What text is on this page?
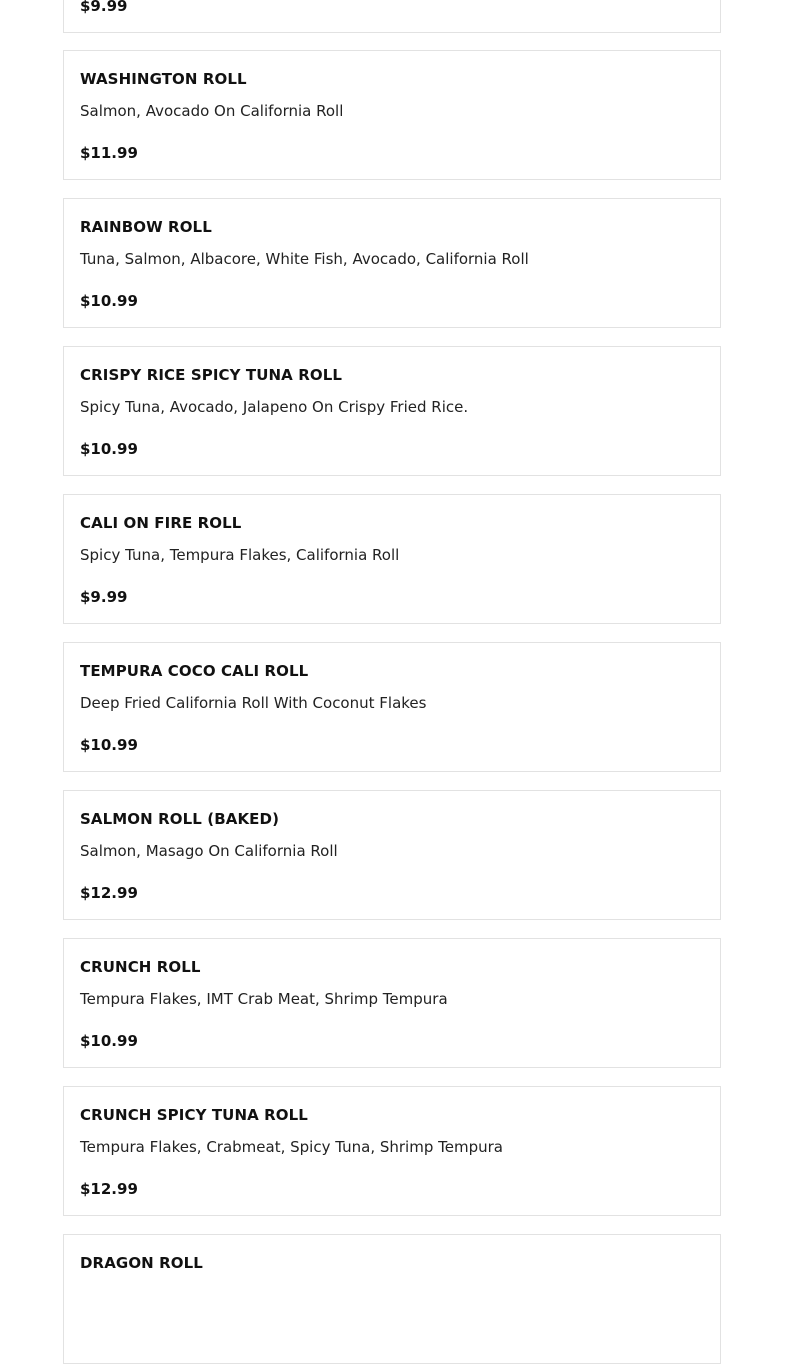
$9.99
WASHINGTON ROLL
Salmon, Avocado On California Roll
$11.99
RAINBOW ROLL
Tuna, Salmon, Albacore, White Fish, Avocado, California Roll
$10.99
CRISPY RICE SPICY TUNA ROLL
Spicy Tuna, Avocado, Jalapeno On Crispy Fried Rice.
$10.99
CALI ON FIRE ROLL
Spicy Tuna, Tempura Flakes, California Roll
$9.99
TEMPURA COCO CALI ROLL
Deep Fried California Roll With Coconut Flakes
$10.99
SALMON ROLL (BAKED)
Salmon, Masago On California Roll
$12.99
CRUNCH ROLL
Tempura Flakes, IMT Crab Meat, Shrimp Tempura
$10.99
CRUNCH SPICY TUNA ROLL
Tempura Flakes, Crabmeat, Spicy Tuna, Shrimp Tempura
$12.99
DRAGON ROLL
